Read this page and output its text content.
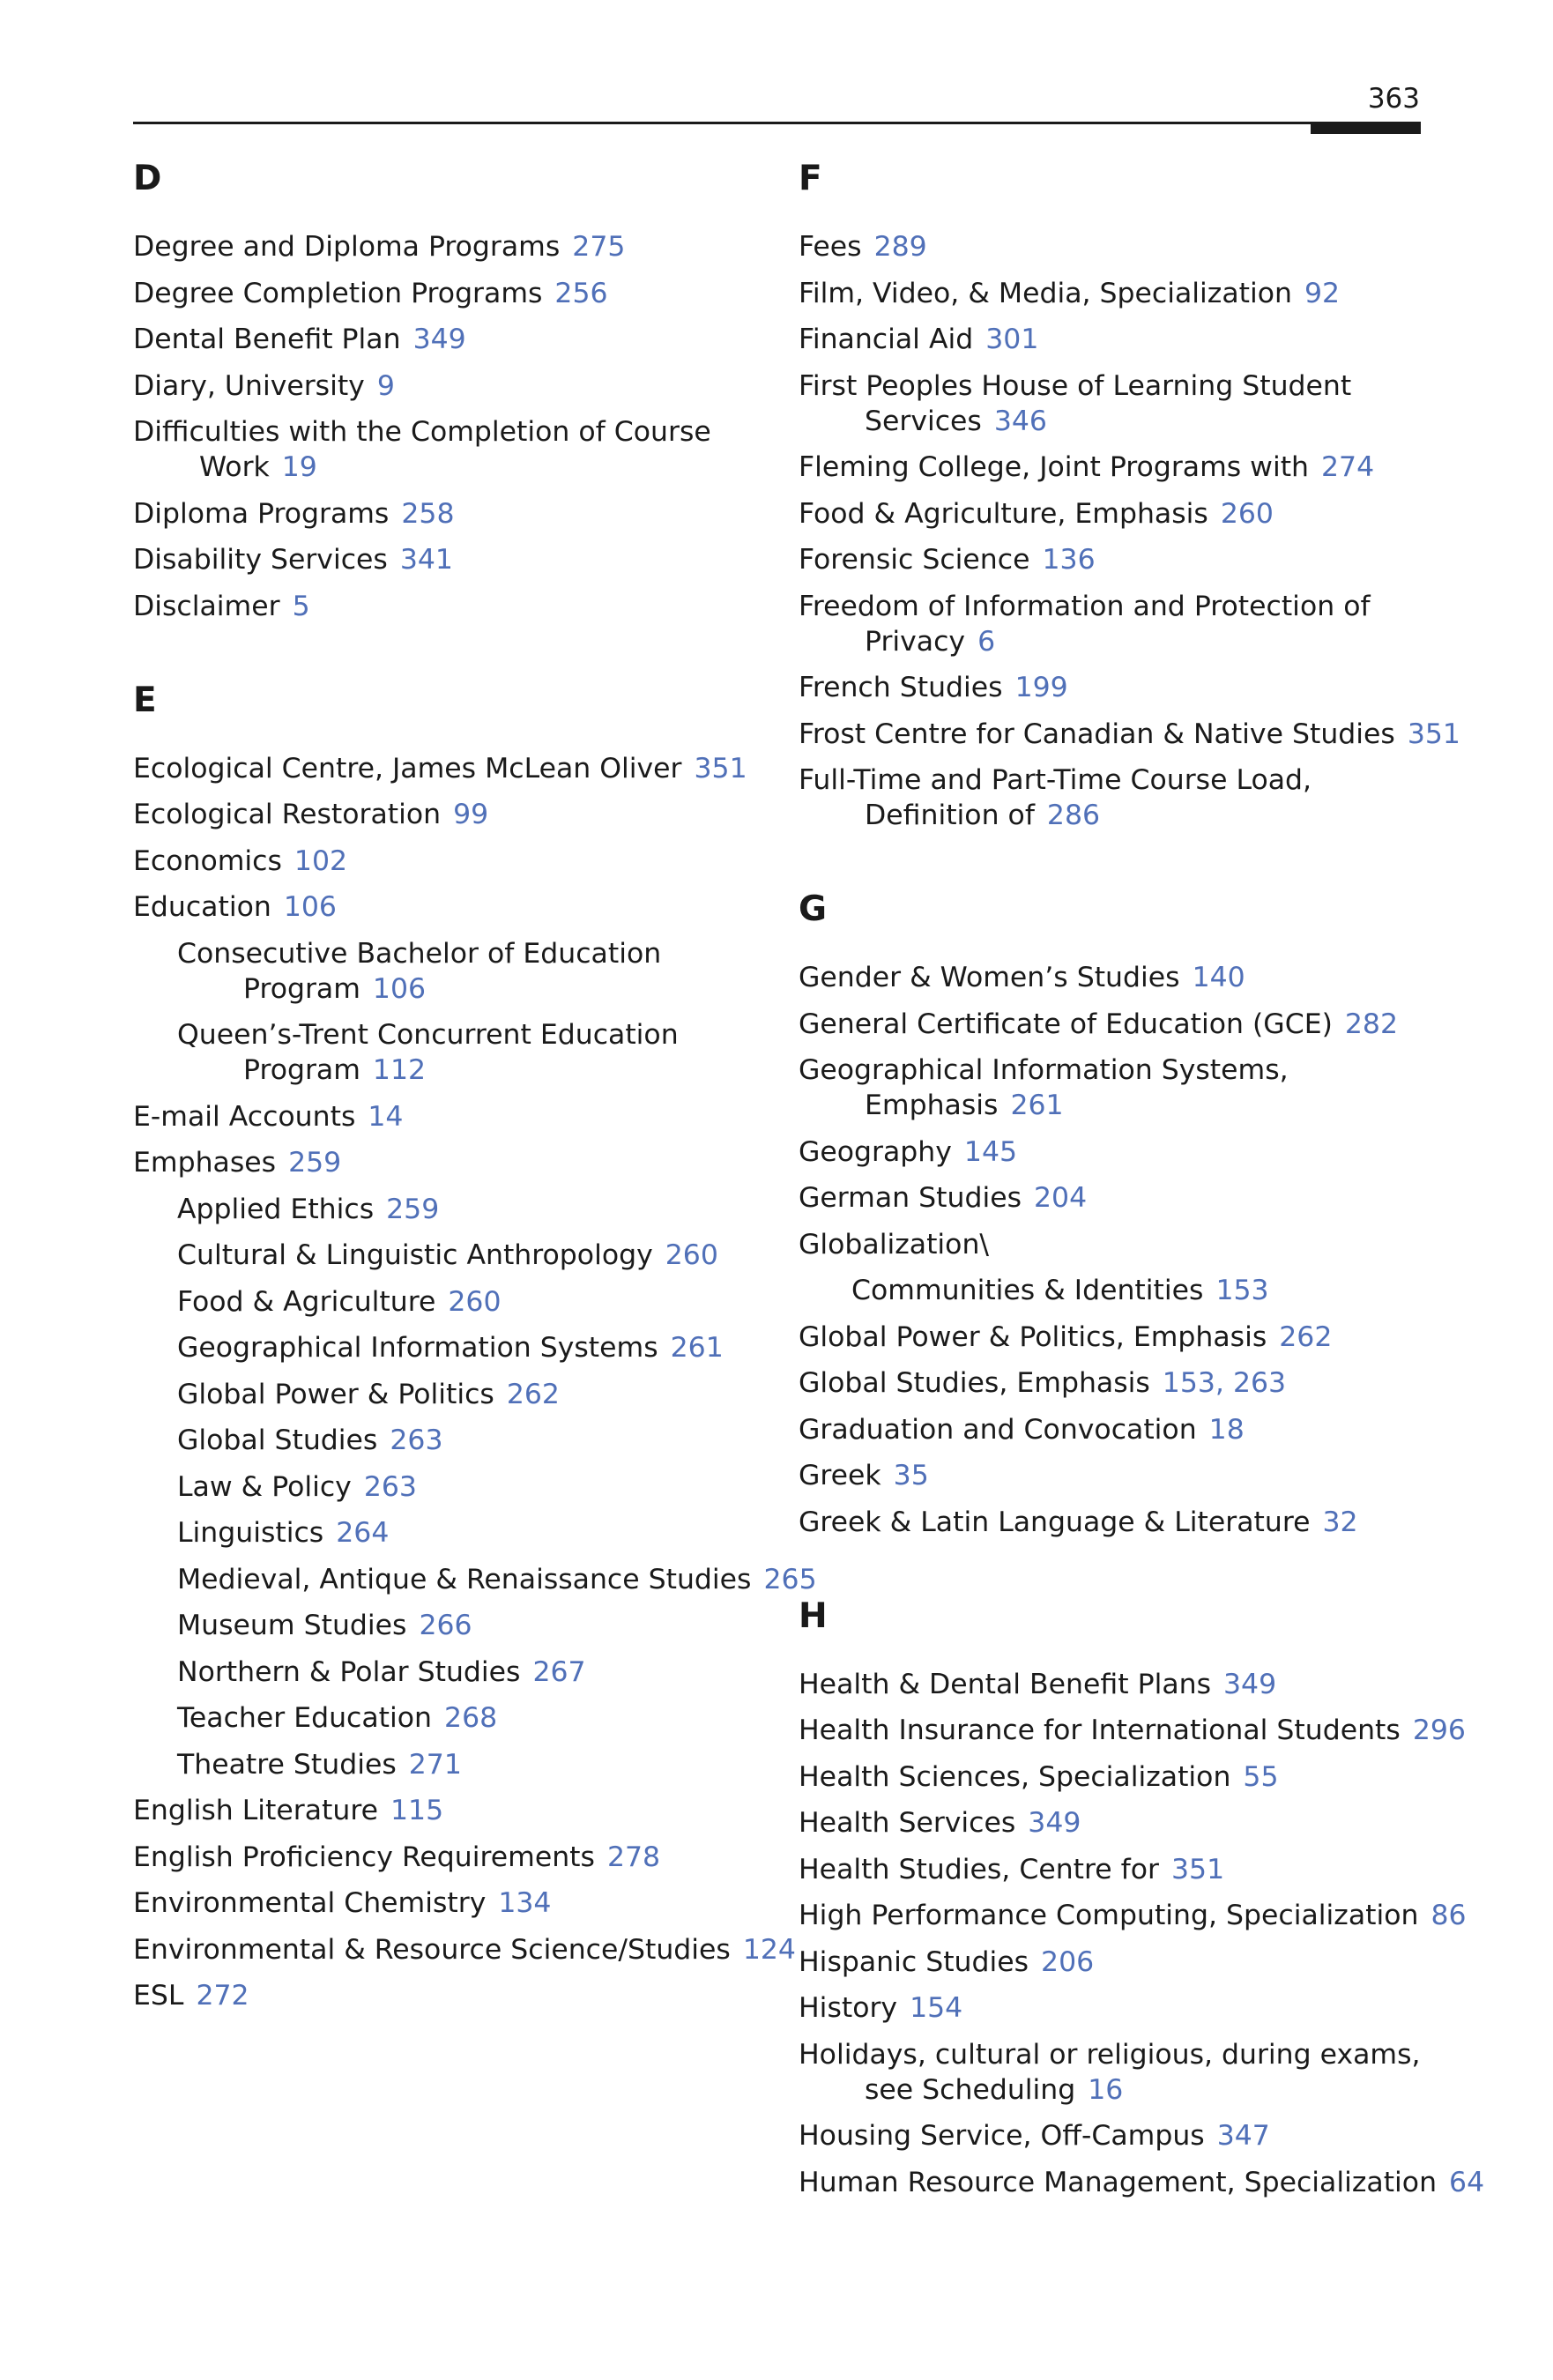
363
D
Degree and Diploma Programs 275
Degree Completion Programs 256
Dental Benefit Plan 349
Diary, University 9
Difficulties with the Completion of Course Work 19
Diploma Programs 258
Disability Services 341
Disclaimer 5
E
Ecological Centre, James McLean Oliver 351
Ecological Restoration 99
Economics 102
Education 106
Consecutive Bachelor of Education Program 106
Queen’s-Trent Concurrent Education Program 112
E-mail Accounts 14
Emphases 259
Applied Ethics 259
Cultural & Linguistic Anthropology 260
Food & Agriculture 260
Geographical Information Systems 261
Global Power & Politics 262
Global Studies 263
Law & Policy 263
Linguistics 264
Medieval, Antique & Renaissance Studies 265
Museum Studies 266
Northern & Polar Studies 267
Teacher Education 268
Theatre Studies 271
English Literature 115
English Proficiency Requirements 278
Environmental Chemistry 134
Environmental & Resource Science/Studies 124
ESL 272
F
Fees 289
Film, Video, & Media, Specialization 92
Financial Aid 301
First Peoples House of Learning Student Services 346
Fleming College, Joint Programs with 274
Food & Agriculture, Emphasis 260
Forensic Science 136
Freedom of Information and Protection of Privacy 6
French Studies 199
Frost Centre for Canadian & Native Studies 351
Full-Time and Part-Time Course Load, Definition of 286
G
Gender & Women’s Studies 140
General Certificate of Education (GCE) 282
Geographical Information Systems, Emphasis 261
Geography 145
German Studies 204
Globalization\
Communities & Identities 153
Global Power & Politics, Emphasis 262
Global Studies, Emphasis 153, 263
Graduation and Convocation 18
Greek 35
Greek & Latin Language & Literature 32
H
Health & Dental Benefit Plans 349
Health Insurance for International Students 296
Health Sciences, Specialization 55
Health Services 349
Health Studies, Centre for 351
High Performance Computing, Specialization 86
Hispanic Studies 206
History 154
Holidays, cultural or religious, during exams, see Scheduling 16
Housing Service, Off-Campus 347
Human Resource Management, Specialization 64
